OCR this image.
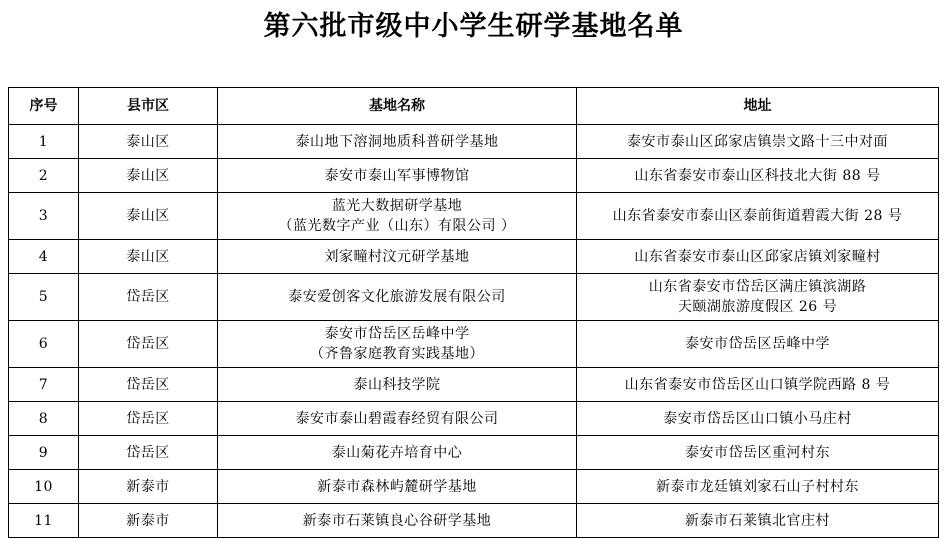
第六批市级中小学生研学基地名单
序号	县市区	基地名称	地址

1	泰山区	泰山地下溶洞地质科普研学基地	泰安市泰山区邱家店镇崇文路十三中对面

2	泰山区	泰安市泰山军事博物馆	山东省泰安市泰山区科技北大街 88 号

3	泰山区	蓝光大数据研学基地
（蓝光数字产业（山东）有限公司 ）	山东省泰安市泰山区泰前街道碧霞大街 28 号

4	泰山区	刘家疃村汶元研学基地	山东省泰安市泰山区邱家店镇刘家疃村

5	岱岳区	泰安爱创客文化旅游发展有限公司	山东省泰安市岱岳区满庄镇滨湖路
天颐湖旅游度假区 26 号

6	岱岳区	泰安市岱岳区岳峰中学
（齐鲁家庭教育实践基地）	泰安市岱岳区岳峰中学

7	岱岳区	泰山科技学院	山东省泰安市岱岳区山口镇学院西路 8 号

8	岱岳区	泰安市泰山碧霞春经贸有限公司	泰安市岱岳区山口镇小马庄村

9	岱岳区	泰山菊花卉培育中心	泰安市岱岳区重河村东

10	新泰市	新泰市森林屿麓研学基地	新泰市龙廷镇刘家石山子村村东

11	新泰市	新泰市石莱镇良心谷研学基地	新泰市石莱镇北官庄村
